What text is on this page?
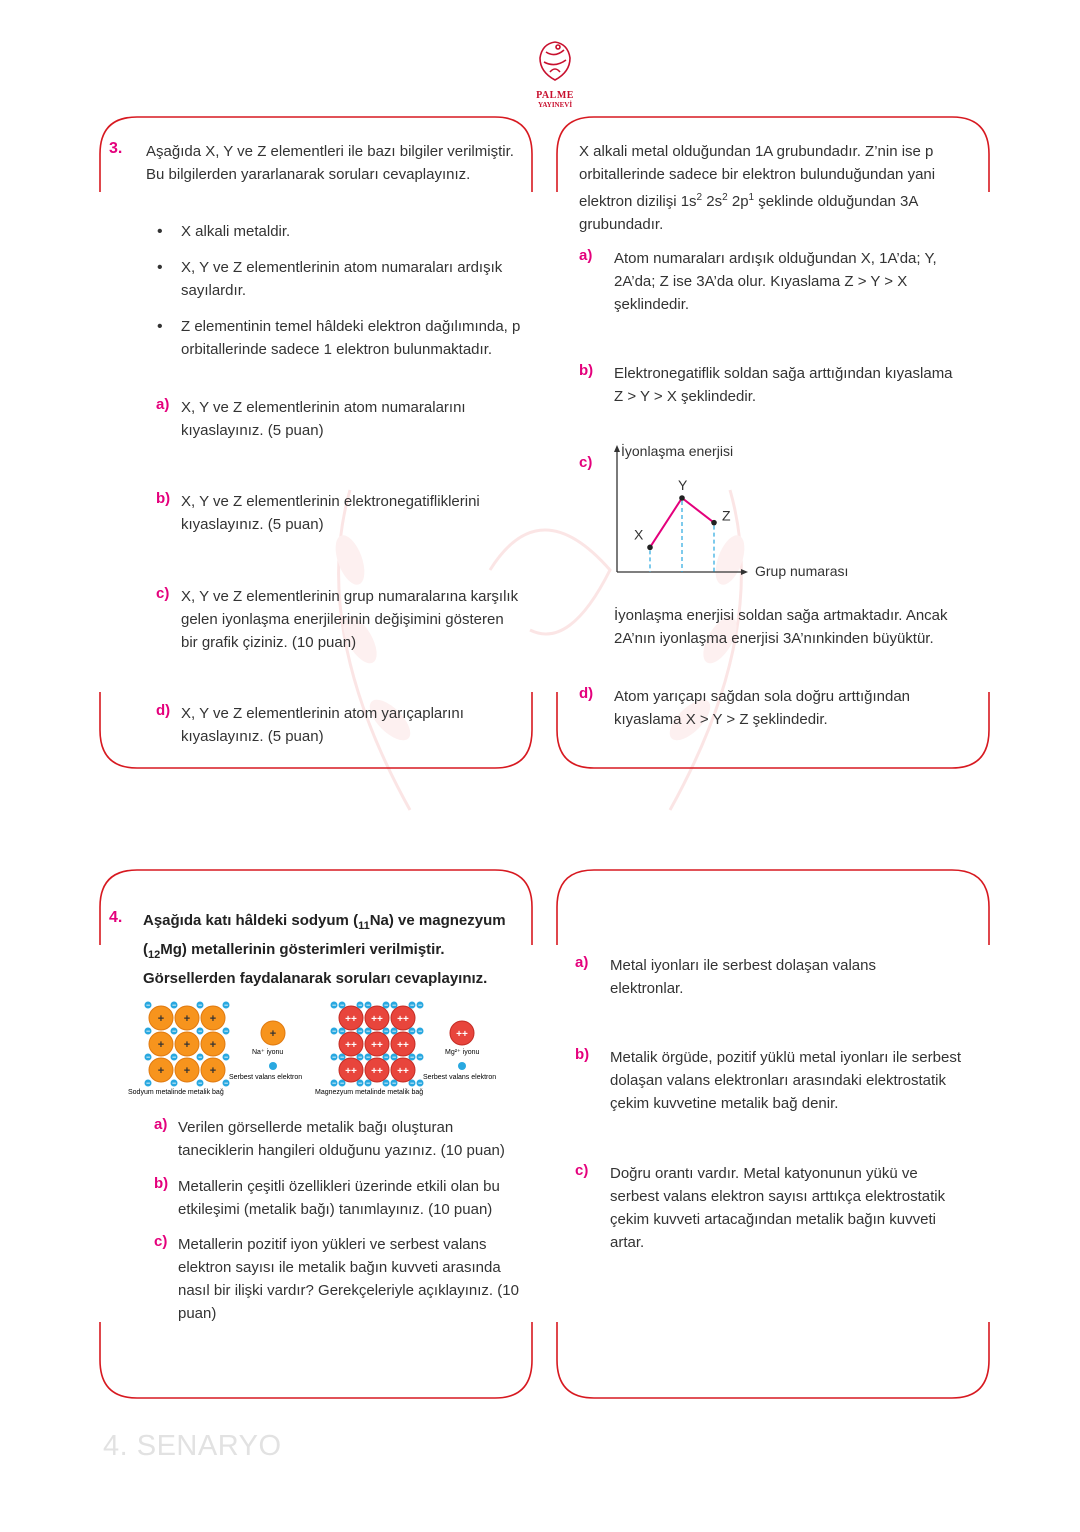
PALME
YAYINEVİ
3. Aşağıda X, Y ve Z elementleri ile bazı bilgiler verilmiştir. Bu bilgilerden yararlanarak soruları cevaplayınız.
• X alkali metaldir.
• X, Y ve Z elementlerinin atom numaraları ardışık sayılardır.
• Z elementinin temel hâldeki elektron dağılımında, p orbitallerinde sadece 1 elektron bulunmaktadır.
a) X, Y ve Z elementlerinin atom numaralarını kıyaslayınız. (5 puan)
b) X, Y ve Z elementlerinin elektronegatifliklerini kıyaslayınız. (5 puan)
c) X, Y ve Z elementlerinin grup numaralarına karşılık gelen iyonlaşma enerjilerinin değişimini gösteren bir grafik çiziniz. (10 puan)
d) X, Y ve Z elementlerinin atom yarıçaplarını kıyaslayınız. (5 puan)
X alkali metal olduğundan 1A grubundadır. Z’nin ise p orbitallerinde sadece bir elektron bulunduğundan yani elektron dizilişi $1s^2$ $2s^2$ $2p^1$ şeklinde olduğundan 3A grubundadır.
a) Atom numaraları ardışık olduğundan X, 1A’da; Y, 2A’da; Z ise 3A’da olur. Kıyaslama Z > Y > X şeklindedir.
b) Elektronegatiflik soldan sağa arttığından kıyaslama Z > Y > X şeklindedir.
c)
İyonlaşma enerjisi
Grup numarası
X
Y
Z
İyonlaşma enerjisi soldan sağa artmaktadır. Ancak 2A’nın iyonlaşma enerjisi 3A’nınkinden büyüktür.
d) Atom yarıçapı sağdan sola doğru arttığından kıyaslama X > Y > Z şeklindedir.
4. Aşağıda katı hâldeki sodyum $(_{11}Na)$ ve magnezyum $(_{12}Mg)$ metallerinin gösterimleri verilmiştir. Görsellerden faydalanarak soruları cevaplayınız.
+ + +
+ + +
+ + +
−	−	−	−
−	−	−	−
−	−	−	−
−	−	−	−
++ ++ ++
++ ++ ++
++ ++ ++
− − − − − − − −
− − − − − − − −
− − − − − − − −
− − − − − − − −
+
Na⁺ iyonu
Serbest valans elektron
Sodyum metalinde metalik bağ
++
Mg²⁺ iyonu
Serbest valans elektron
Magnezyum metalinde metalik bağ
a) Verilen görsellerde metalik bağı oluşturan taneciklerin hangileri olduğunu yazınız. (10 puan)
b) Metallerin çeşitli özellikleri üzerinde etkili olan bu etkileşimi (metalik bağı) tanımlayınız. (10 puan)
c) Metallerin pozitif iyon yükleri ve serbest valans elektron sayısı ile metalik bağın kuvveti arasında nasıl bir ilişki vardır? Gerekçeleriyle açıklayınız. (10 puan)
a) Metal iyonları ile serbest dolaşan valans elektronlar.
b) Metalik örgüde, pozitif yüklü metal iyonları ile serbest dolaşan valans elektronları arasındaki elektrostatik çekim kuvvetine metalik bağ denir.
c) Doğru orantı vardır. Metal katyonunun yükü ve serbest valans elektron sayısı arttıkça elektrostatik çekim kuvveti artacağından metalik bağın kuvveti artar.
4. SENARYO
